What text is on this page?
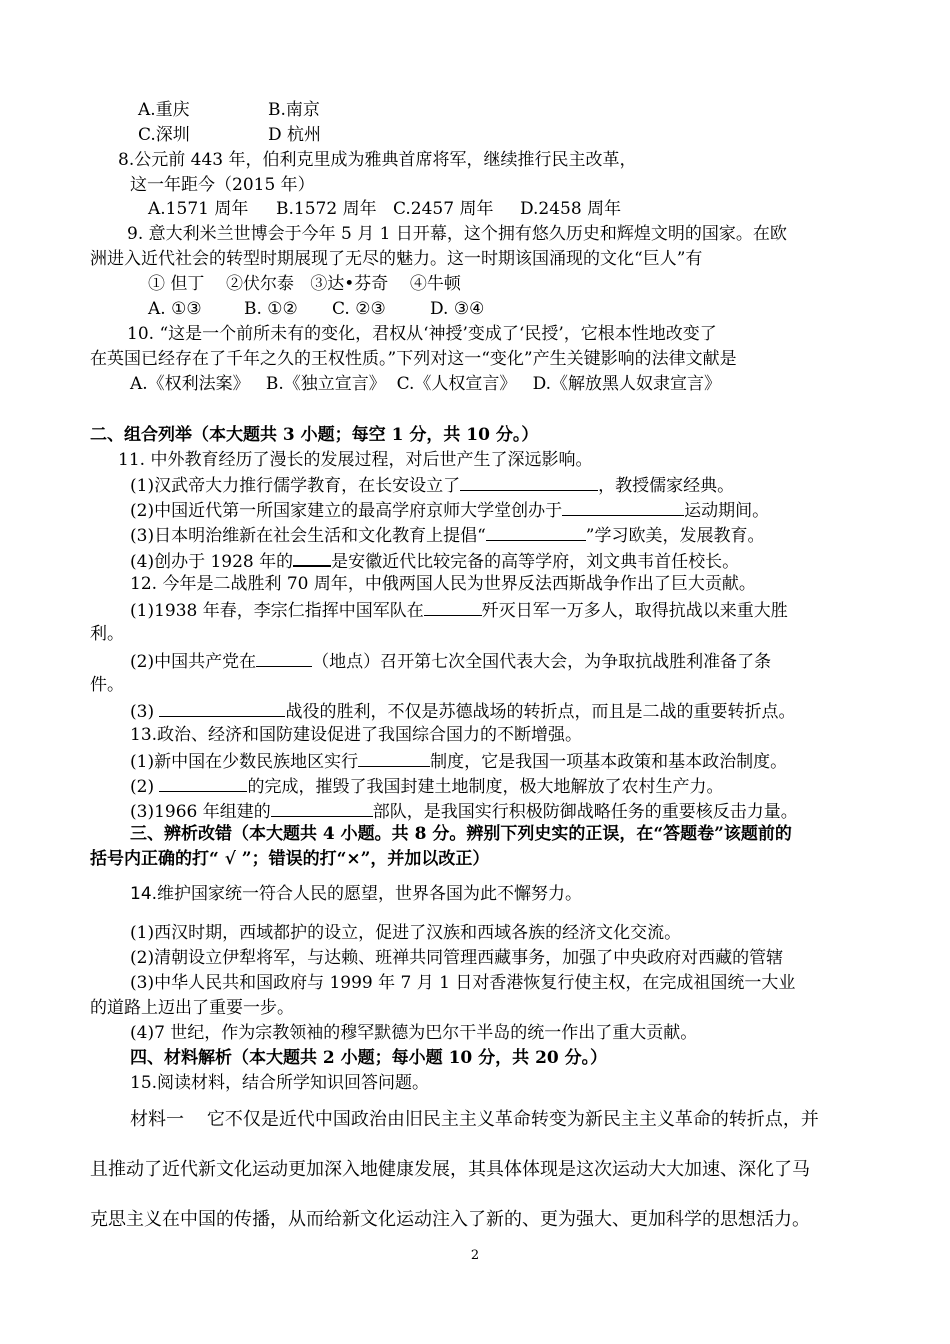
A.重庆	B.南京
C.深圳	D 杭州
8.公元前 443 年，伯利克里成为雅典首席将军，继续推行民主改革，
这一年距今（2015 年）
A.1571 周年 B.1572 周年 C.2457 周年 D.2458 周年
9. 意大利米兰世博会于今年 5 月 1 日开幕，这个拥有悠久历史和辉煌文明的国家。在欧
洲进入近代社会的转型时期展现了无尽的魅力。这一时期该国涌现的文化“巨人”有
① 但丁    ②伏尔泰   ③达•芬奇    ④牛顿
A. ①③ B. ①② C. ②③	D. ③④
10. “这是一个前所未有的变化，君权从‘神授’变成了‘民授’，它根本性地改变了
在英国已经存在了千年之久的王权性质。”下列对这一“变化”产生关键影响的法律文献是
A.《权利法案》   B.《独立宣言》  C.《人权宣言》   D.《解放黑人奴隶宣言》
二、组合列举（本大题共 3 小题；每空 1 分，共 10 分。）
11. 中外教育经历了漫长的发展过程，对后世产生了深远影响。
(1)汉武帝大力推行儒学教育，在长安设立了	，教授儒家经典。
(2)中国近代第一所国家建立的最高学府京师大学堂创办于	运动期间。
(3)日本明治维新在社会生活和文化教育上提倡“	”学习欧美，发展教育。
(4)创办于 1928 年的 是安徽近代比较完备的高等学府，刘文典韦首任校长。
12. 今年是二战胜利 70 周年，中俄两国人民为世界反法西斯战争作出了巨大贡献。
(1)1938 年春，李宗仁指挥中国军队在	歼灭日军一万多人，取得抗战以来重大胜
利。
(2)中国共产党在	（地点）召开第七次全国代表大会，为争取抗战胜利准备了条
件。
(3)	战役的胜利，不仅是苏德战场的转折点，而且是二战的重要转折点。
13.政治、经济和国防建设促进了我国综合国力的不断增强。
(1)新中国在少数民族地区实行	制度，它是我国一项基本政策和基本政治制度。
(2)	的完成，摧毁了我国封建土地制度，极大地解放了农村生产力。
(3)1966 年组建的	部队，是我国实行积极防御战略任务的重要核反击力量。
三、辨析改错（本大题共 4 小题。共 8 分。辨别下列史实的正误，在“答题卷”该题前的
括号内正确的打“ √ ”；错误的打“×”，并加以改正）
14.维护国家统一符合人民的愿望，世界各国为此不懈努力。
(1)西汉时期，西域都护的设立，促进了汉族和西域各族的经济文化交流。
(2)清朝设立伊犁将军，与达赖、班禅共同管理西藏事务，加强了中央政府对西藏的管辖
(3)中华人民共和国政府与 1999 年 7 月 1 日对香港恢复行使主权，在完成祖国统一大业
的道路上迈出了重要一步。
(4)7 世纪，作为宗教领袖的穆罕默德为巴尔干半岛的统一作出了重大贡献。
四、材料解析（本大题共 2 小题；每小题 10 分，共 20 分。）
15.阅读材料，结合所学知识回答问题。
材料一    它不仅是近代中国政治由旧民主主义革命转变为新民主主义革命的转折点，并
且推动了近代新文化运动更加深入地健康发展，其具体体现是这次运动大大加速、深化了马
克思主义在中国的传播，从而给新文化运动注入了新的、更为强大、更加科学的思想活力。
2
